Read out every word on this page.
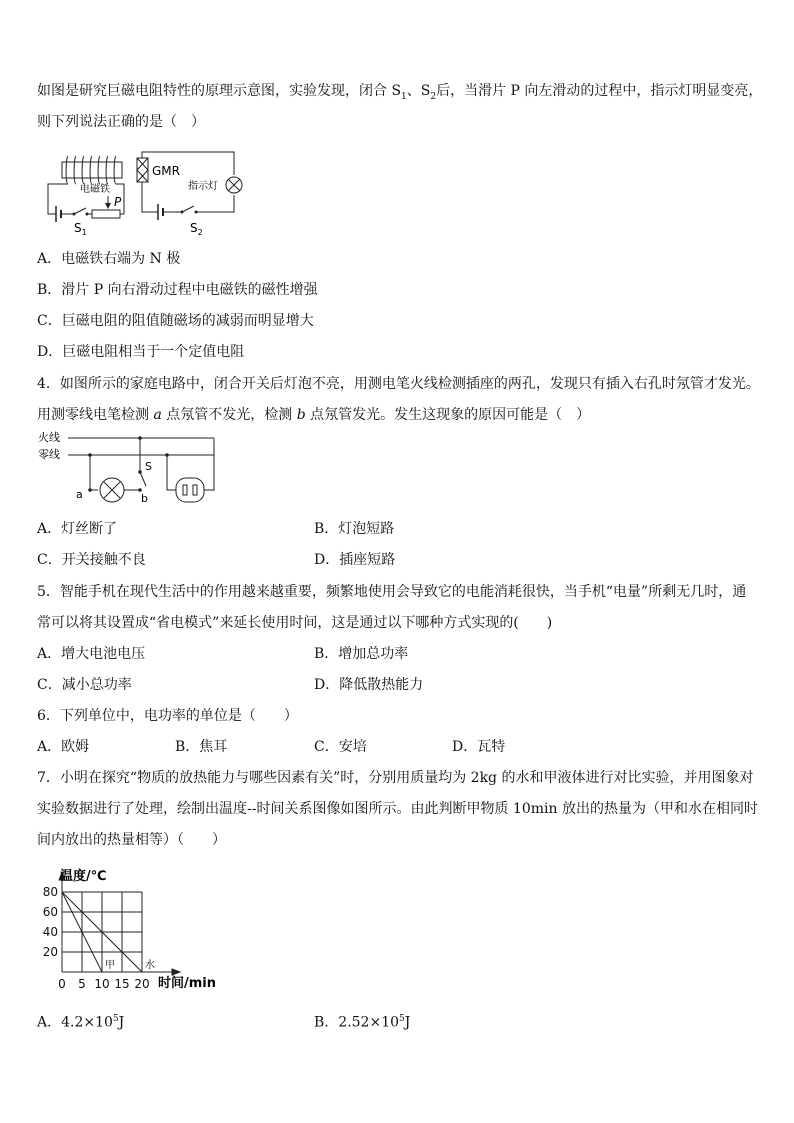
如图是研究巨磁电阻特性的原理示意图，实验发现，闭合 $S_1$、$S_2$后，当滑片 P 向左滑动的过程中，指示灯明显变亮，
则下列说法正确的是（　）
GMR
电磁铁	指示灯
P
$S_1$	$S_2$
A．电磁铁右端为 N 极
B．滑片 P 向右滑动过程中电磁铁的磁性增强
C．巨磁电阻的阻值随磁场的减弱而明显增大
D．巨磁电阻相当于一个定值电阻
4．如图所示的家庭电路中，闭合开关后灯泡不亮，用测电笔火线检测插座的两孔，发现只有插入右孔时氖管才发光。
用测零线电笔检测 a 点氖管不发光，检测 b 点氖管发光。发生这现象的原因可能是（　）
火线
零线
S
a	b
A．灯丝断了	B．灯泡短路
C．开关接触不良	D．插座短路
5．智能手机在现代生活中的作用越来越重要，频繁地使用会导致它的电能消耗很快，当手机“电量”所剩无几时，通
常可以将其设置成“省电模式”来延长使用时间，这是通过以下哪种方式实现的(　　)
A．增大电池电压	B．增加总功率
C．减小总功率	D．降低散热能力
6．下列单位中，电功率的单位是（　　）
A．欧姆	B．焦耳	C．安培	D．瓦特
7．小明在探究“物质的放热能力与哪些因素有关”时，分别用质量均为 2kg 的水和甲液体进行对比实验，并用图象对
实验数据进行了处理，绘制出温度--时间关系图像如图所示。由此判断甲物质 10min 放出的热量为（甲和水在相同时
间内放出的热量相等）（　　）
0 5 10 15 20
20
40
60
80
甲	水
温度/℃
时间/min
A．$4.2\times 10^5J$	B．$2.52\times 10^5J$
